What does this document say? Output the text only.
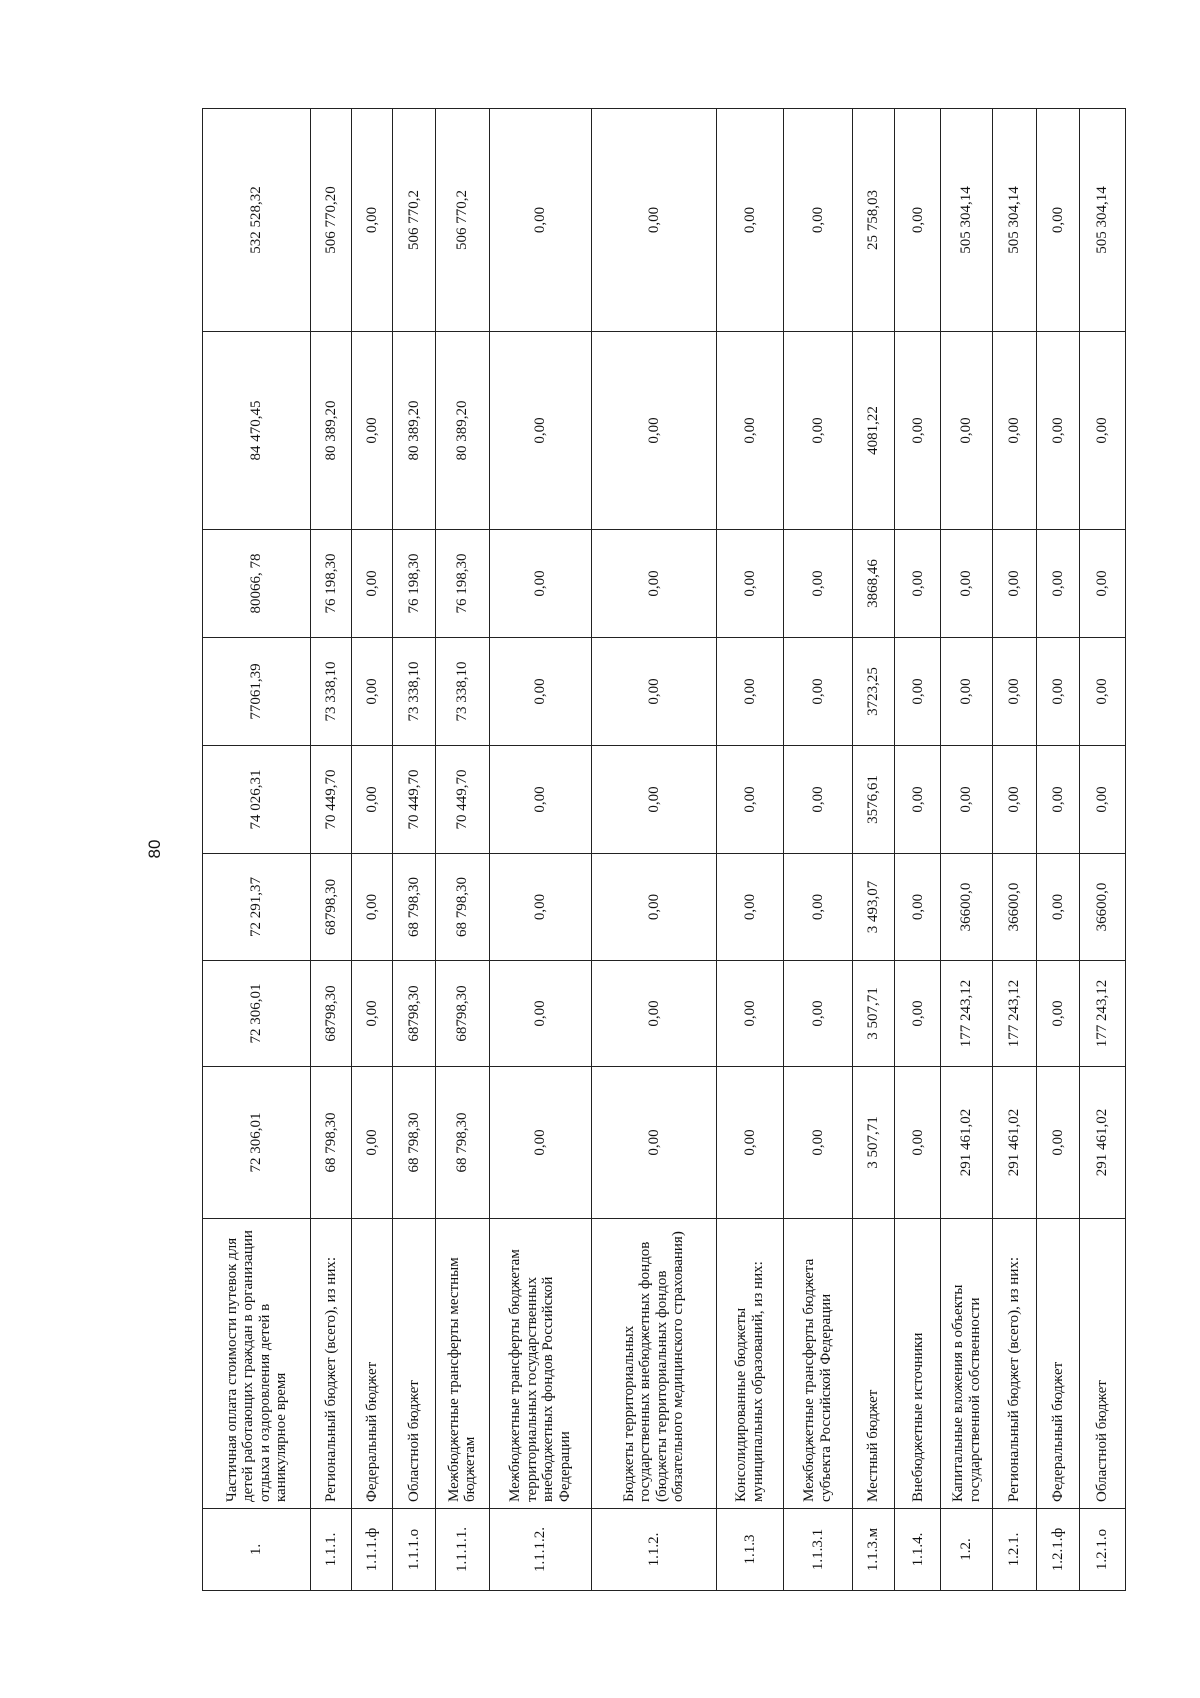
80
1.	Частичная оплата стоимости путевок для детей работающих граждан в организации отдыха и оздоровления детей в каникулярное время	72 306,01	72 306,01	72 291,37	74 026,31	77061,39	80066, 78	84 470,45	532 528,32
1.1.1.	Региональный бюджет (всего), из них:	68 798,30	68798,30	68798,30	70 449,70	73 338,10	76 198,30	80 389,20	506 770,20
1.1.1.ф	Федеральный бюджет	0,00	0,00	0,00	0,00	0,00	0,00	0,00	0,00
1.1.1.о	Областной бюджет	68 798,30	68798,30	68 798,30	70 449,70	73 338,10	76 198,30	80 389,20	506 770,2
1.1.1.1.	Межбюджетные трансферты местным бюджетам	68 798,30	68798,30	68 798,30	70 449,70	73 338,10	76 198,30	80 389,20	506 770,2
1.1.1.2.	Межбюджетные трансферты бюджетам территориальных государственных внебюджетных фондов Российской Федерации	0,00	0,00	0,00	0,00	0,00	0,00	0,00	0,00
1.1.2.	Бюджеты территориальных государственных внебюджетных фондов (бюджеты территориальных фондов обязательного медицинского страхования)	0,00	0,00	0,00	0,00	0,00	0,00	0,00	0,00
1.1.3	Консолидированные бюджеты муниципальных образований, из них:	0,00	0,00	0,00	0,00	0,00	0,00	0,00	0,00
1.1.3.1	Межбюджетные трансферты бюджета субъекта Российской Федерации	0,00	0,00	0,00	0,00	0,00	0,00	0,00	0,00
1.1.3.м	Местный бюджет	3 507,71	3 507,71	3 493,07	3576,61	3723,25	3868,46	4081,22	25 758,03
1.1.4.	Внебюджетные источники	0,00	0,00	0,00	0,00	0,00	0,00	0,00	0,00
1.2.	Капитальные вложения в объекты государственной собственности	291 461,02	177 243,12	36600,0	0,00	0,00	0,00	0,00	505 304,14
1.2.1.	Региональный бюджет (всего), из них:	291 461,02	177 243,12	36600,0	0,00	0,00	0,00	0,00	505 304,14
1.2.1.ф	Федеральный бюджет	0,00	0,00	0,00	0,00	0,00	0,00	0,00	0,00
1.2.1.о	Областной бюджет	291 461,02	177 243,12	36600,0	0,00	0,00	0,00	0,00	505 304,14
